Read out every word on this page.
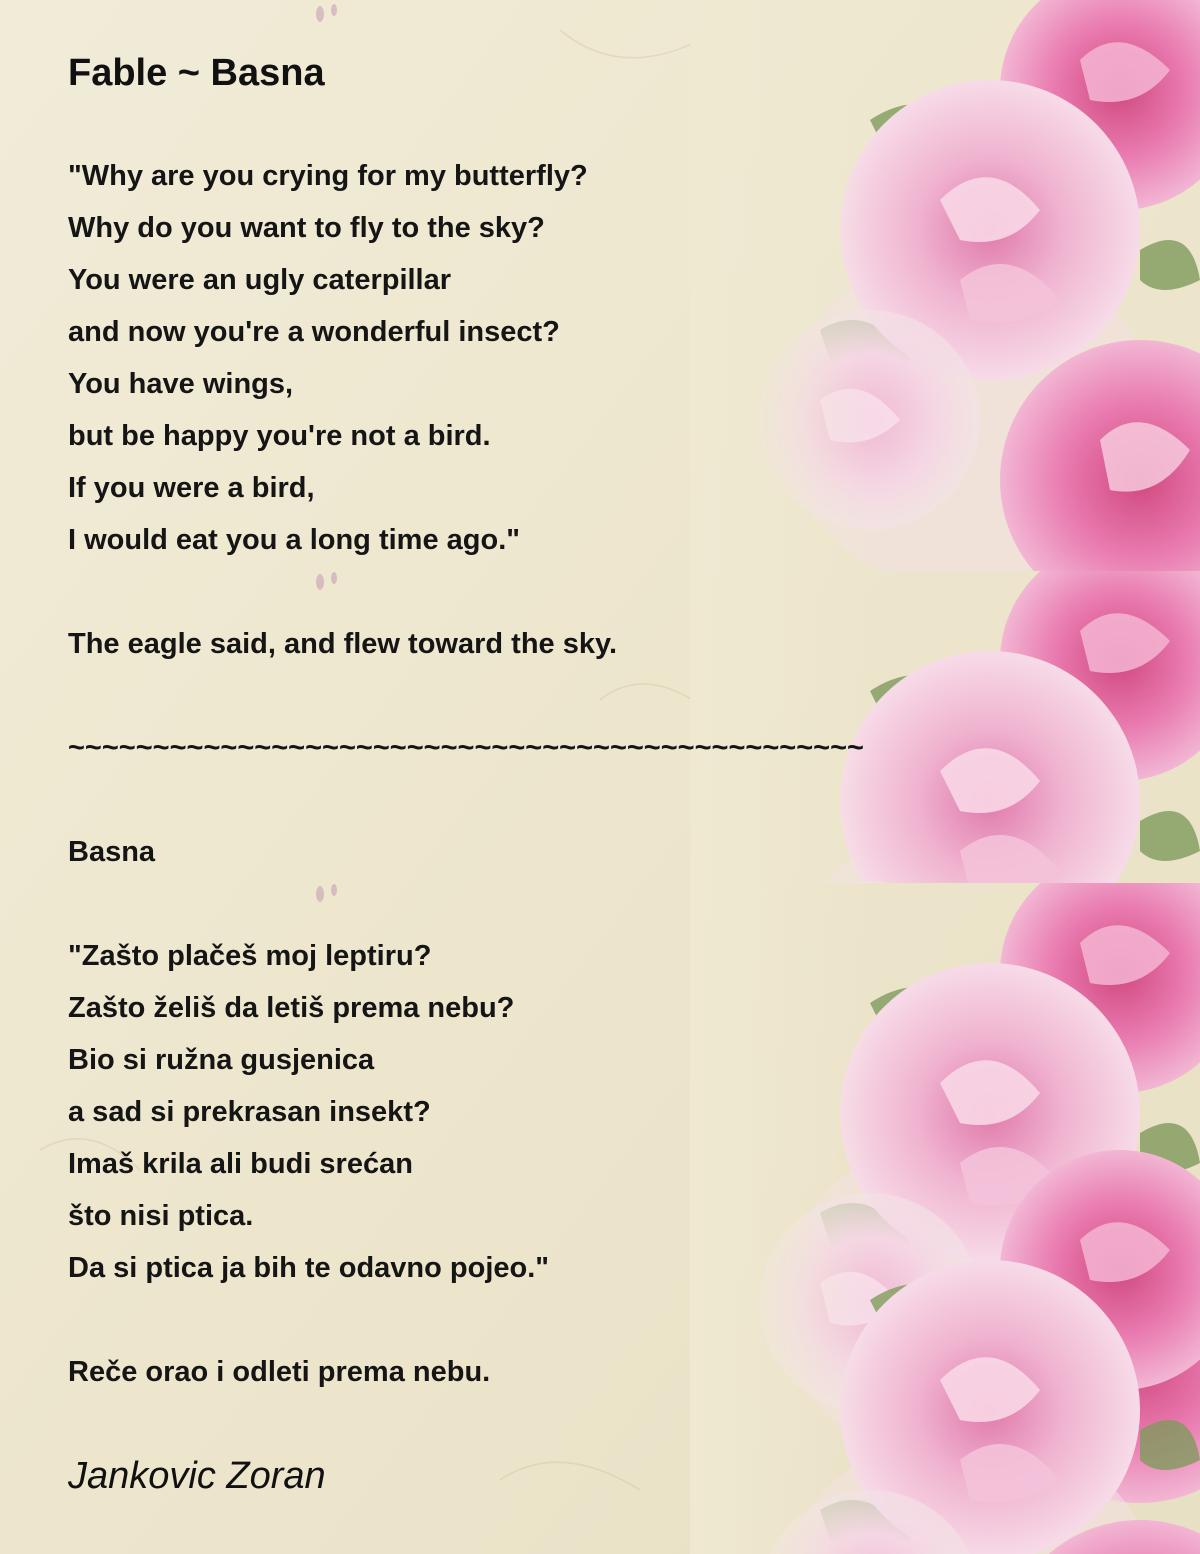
Fable ~ Basna
"Why are you crying for my butterfly?
Why do you want to fly to the sky?
You were an ugly caterpillar
and now you're a wonderful insect?
You have wings,
but be happy you're not a bird.
If you were a bird,
I would eat you a long time ago."
The eagle said, and flew toward the sky.
~~~~~~~~~~~~~~~~~~~~~~~~~~~~~~~~~~~~~~~~~~~~~~~
Basna
"Zašto plačeš moj leptiru?
Zašto želiš da letiš prema nebu?
Bio si ružna gusjenica
a sad si prekrasan insekt?
Imaš krila ali budi srećan
što nisi ptica.
Da si ptica ja bih te odavno pojeo."
Reče orao i odleti prema nebu.
Jankovic Zoran
